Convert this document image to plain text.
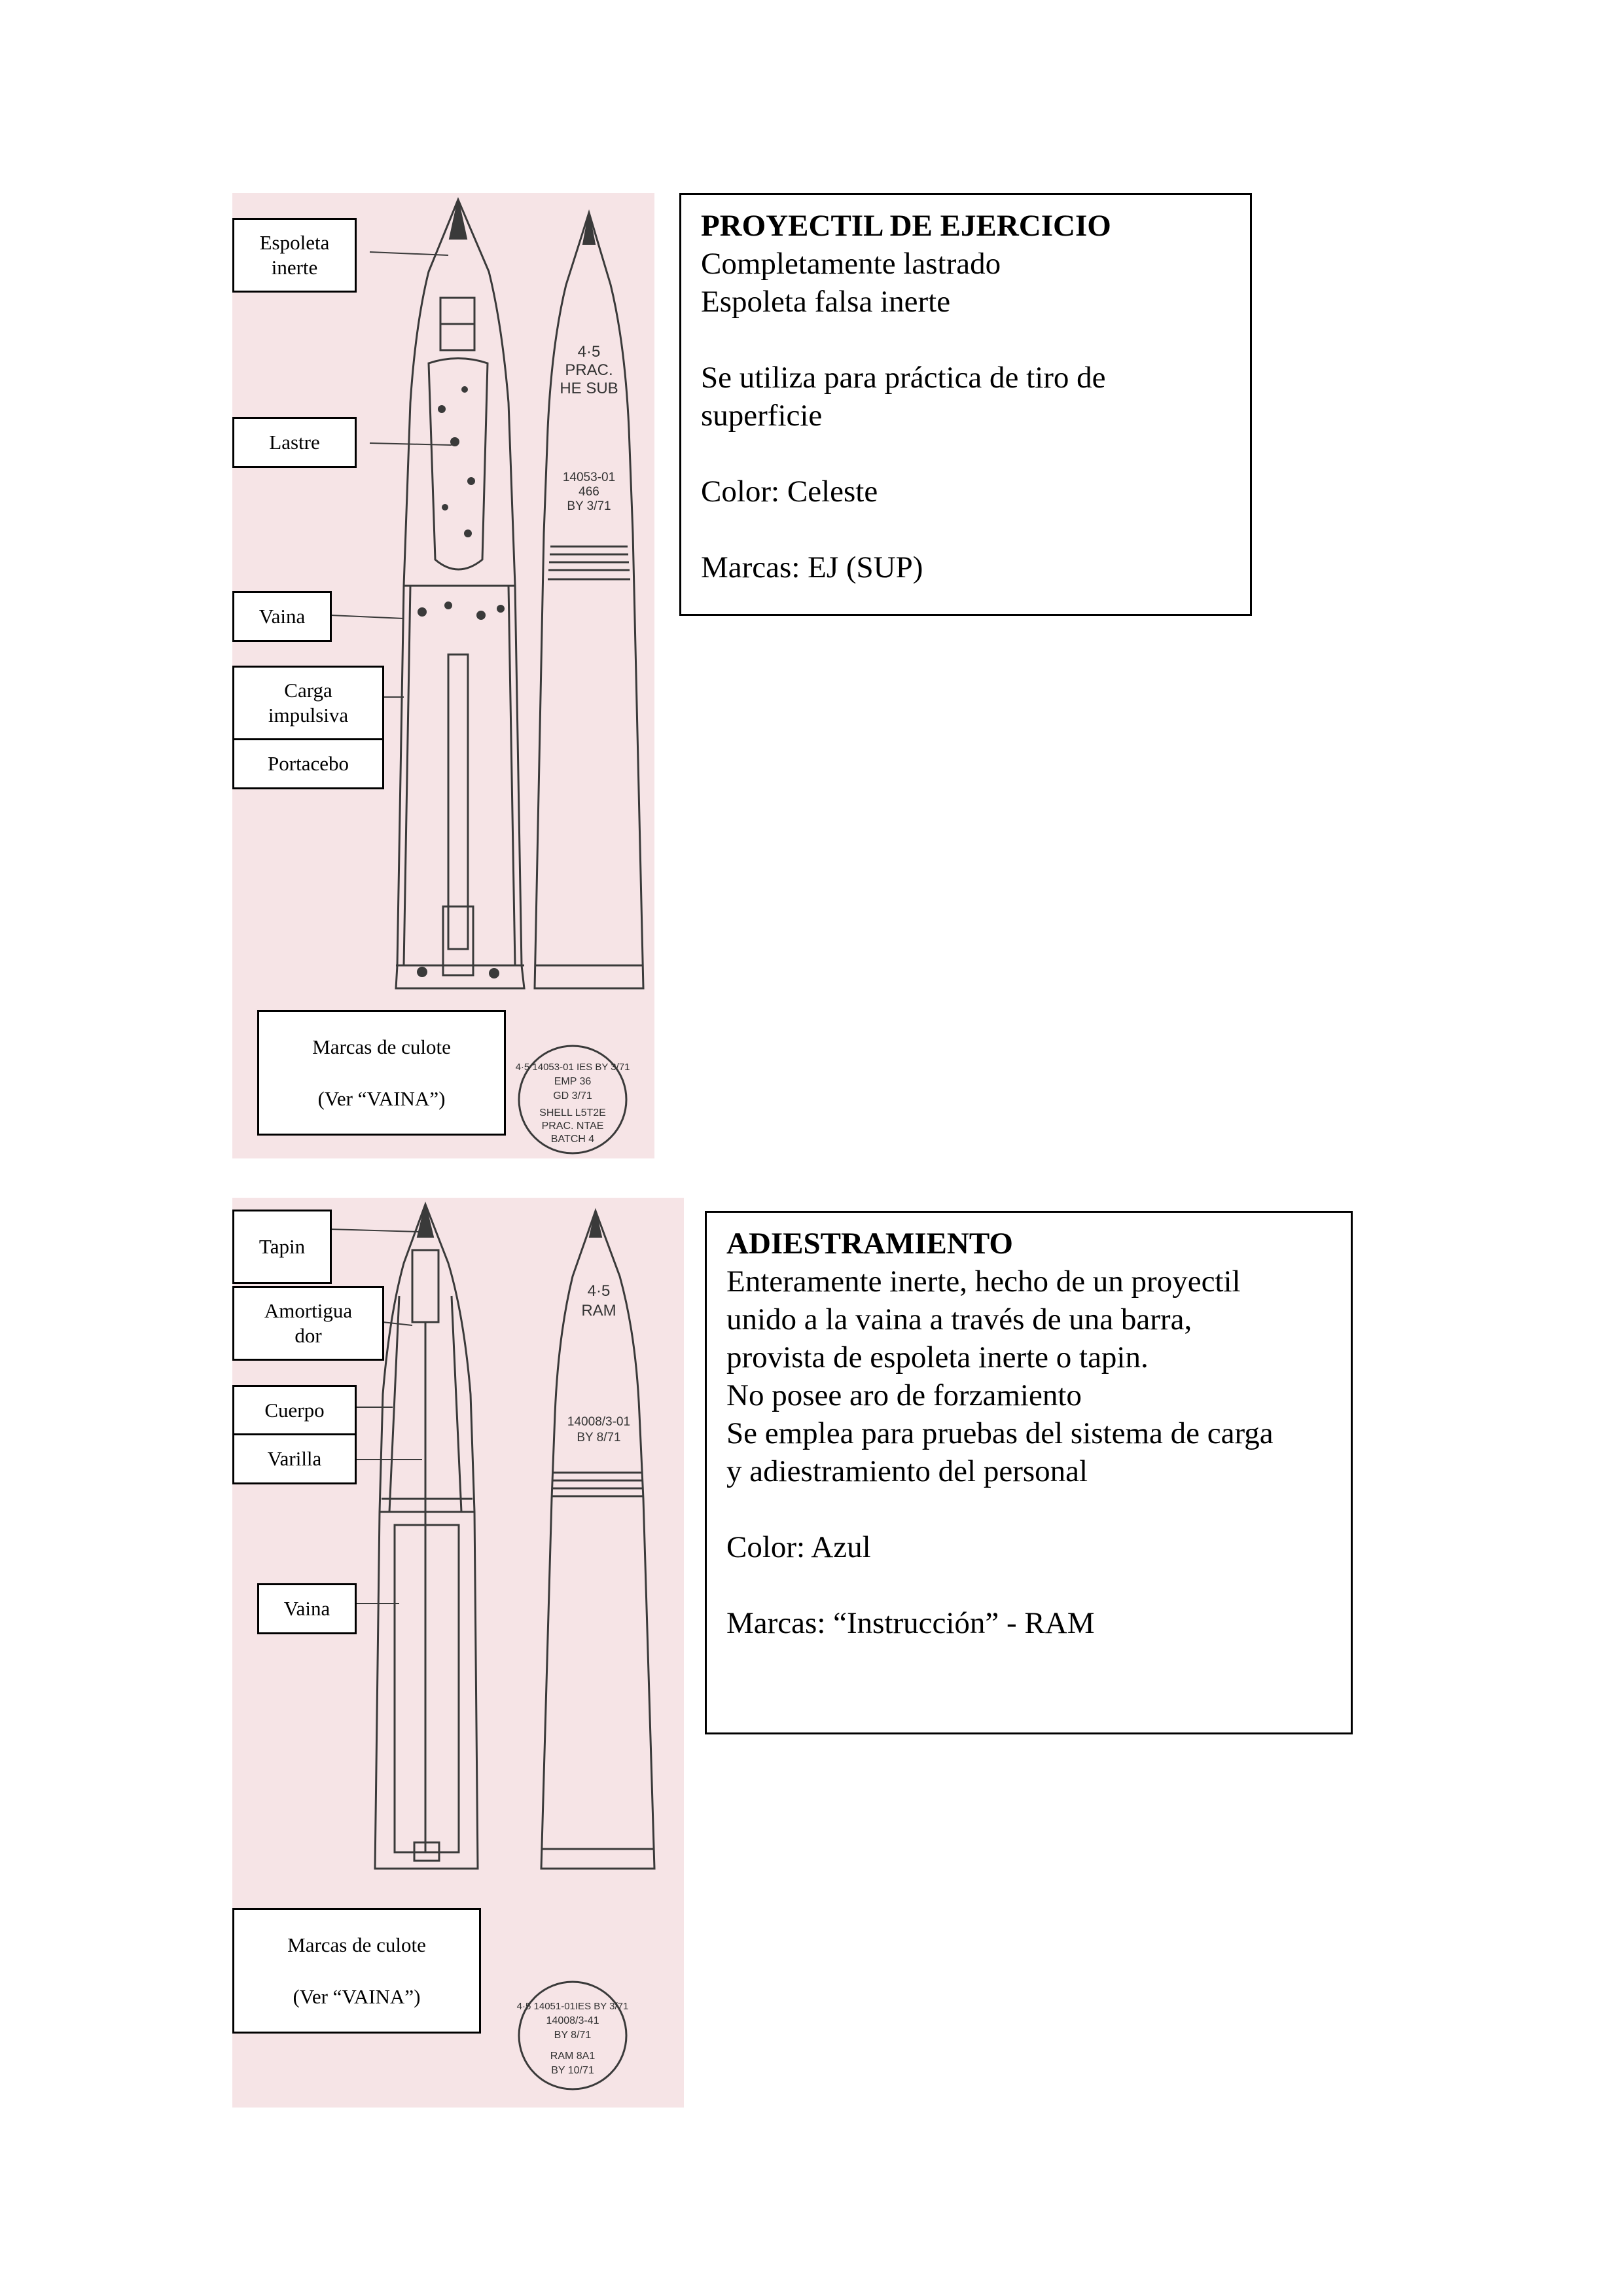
4·5
PRAC.
HE SUB
14053-01
466
BY 3/71
4·5 14053-01 IES BY 3/71
EMP 36
GD 3/71
SHELL L5T2E
PRAC. NTAE
BATCH 4
Espoleta
inerte
Lastre
Vaina
Carga
impulsiva
Portacebo
Marcas de culote
(Ver “VAINA”)
PROYECTIL DE EJERCICIO
Completamente lastrado
Espoleta falsa inerte
Se utiliza para práctica de tiro de
superficie
Color: Celeste
Marcas: EJ (SUP)
4·5
RAM
14008/3-01
BY 8/71
4·5 14051-01IES BY 3/71
14008/3-41
BY 8/71
RAM 8A1
BY 10/71
Tapin
Amortigua
dor
Cuerpo
Varilla
Vaina
Marcas de culote
(Ver “VAINA”)
ADIESTRAMIENTO
Enteramente inerte, hecho de un proyectil
unido a la vaina a través de una barra,
provista de espoleta inerte o tapin.
No posee aro de forzamiento
Se emplea para pruebas del sistema de carga
y adiestramiento del personal
Color: Azul
Marcas: “Instrucción” - RAM
